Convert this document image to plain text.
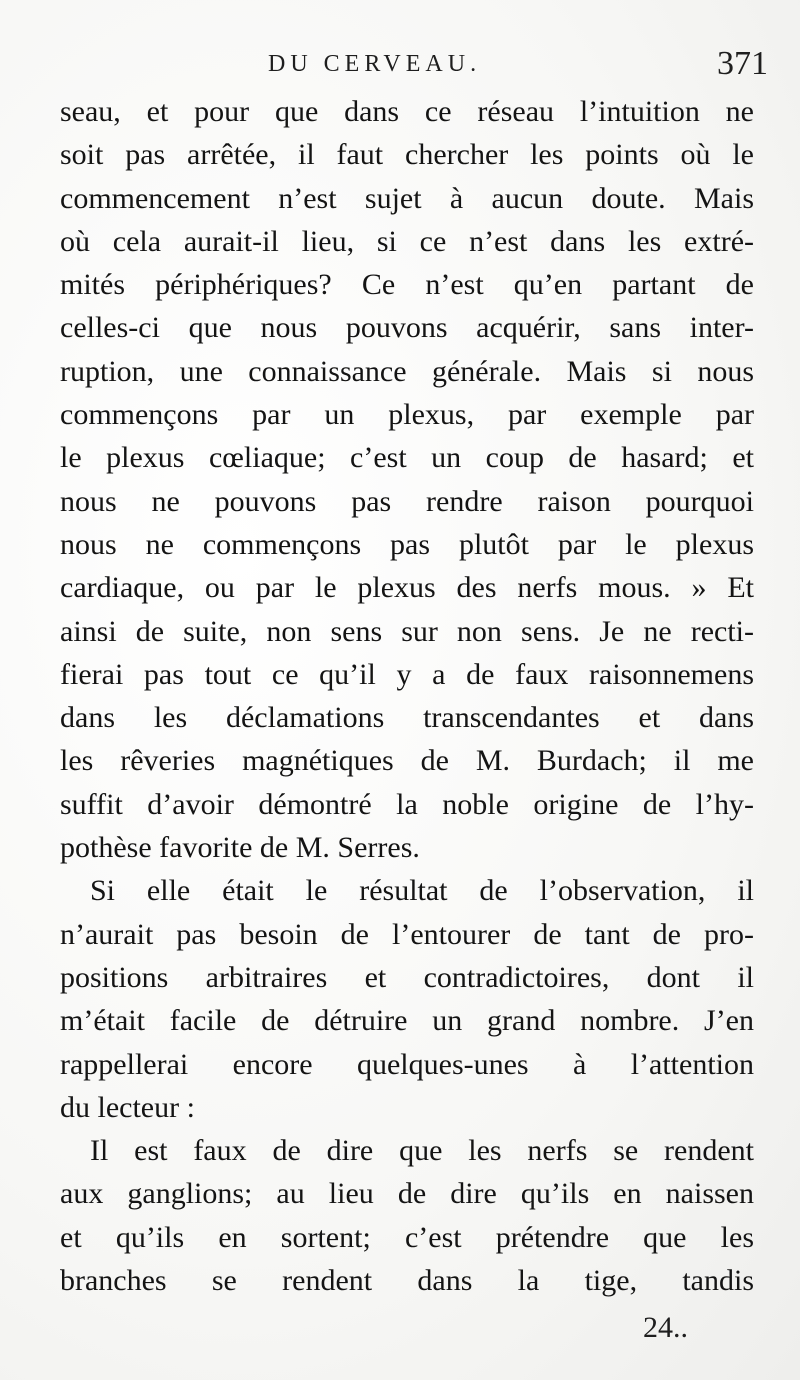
DU CERVEAU.	371
seau, et pour que dans ce réseau l’intuition ne
soit pas arrêtée, il faut chercher les points où le
commencement n’est sujet à aucun doute. Mais
où cela aurait-il lieu, si ce n’est dans les extré-
mités périphériques? Ce n’est qu’en partant de
celles-ci que nous pouvons acquérir, sans inter-
ruption, une connaissance générale. Mais si nous
commençons par un plexus, par exemple par
le plexus cœliaque; c’est un coup de hasard; et
nous ne pouvons pas rendre raison pourquoi
nous ne commençons pas plutôt par le plexus
cardiaque, ou par le plexus des nerfs mous. » Et
ainsi de suite, non sens sur non sens. Je ne recti-
fierai pas tout ce qu’il y a de faux raisonnemens
dans les déclamations transcendantes et dans
les rêveries magnétiques de M. Burdach; il me
suffit d’avoir démontré la noble origine de l’hy-
pothèse favorite de M. Serres.
Si elle était le résultat de l’observation, il
n’aurait pas besoin de l’entourer de tant de pro-
positions arbitraires et contradictoires, dont il
m’était facile de détruire un grand nombre. J’en
rappellerai encore quelques-unes à l’attention
du lecteur :
Il est faux de dire que les nerfs se rendent
aux ganglions; au lieu de dire qu’ils en naissen
et qu’ils en sortent; c’est prétendre que les
branches se rendent dans la tige, tandis
24..
